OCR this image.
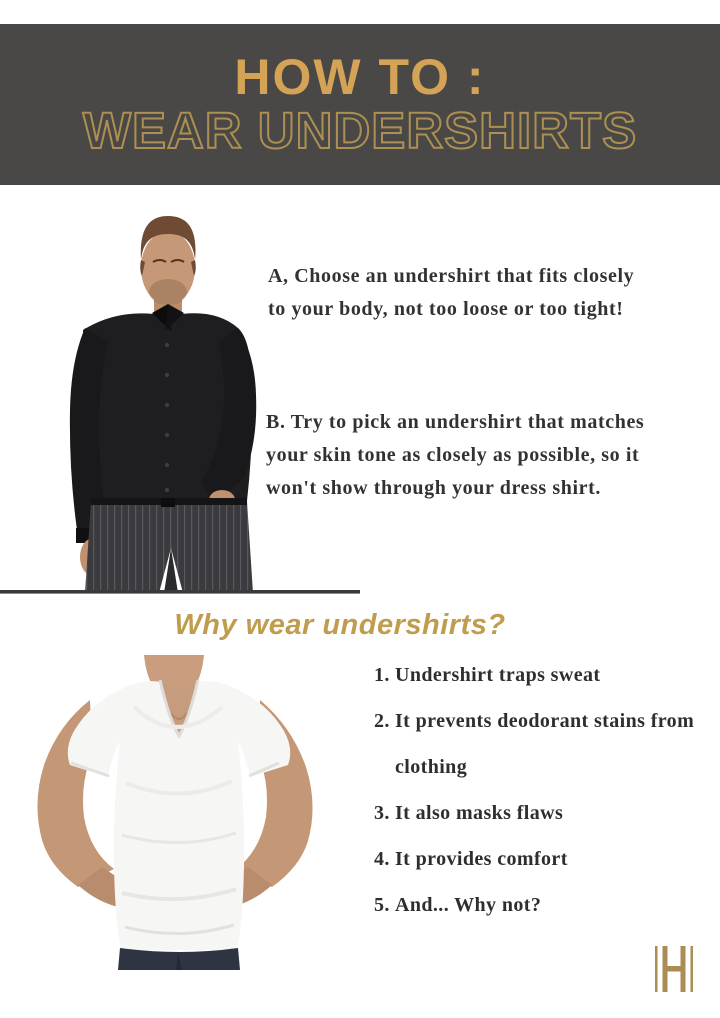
HOW TO :
WEAR UNDERSHIRTS
A, Choose an undershirt that fits closely
to your body, not too loose or too tight!
B. Try to pick an undershirt that matches
your skin tone as closely as possible, so it
won't show through your dress shirt.
Why wear undershirts?
1. Undershirt traps sweat
2. It prevents deodorant stains from clothing
3. It also masks flaws
4. It provides comfort
5. And... Why not?
